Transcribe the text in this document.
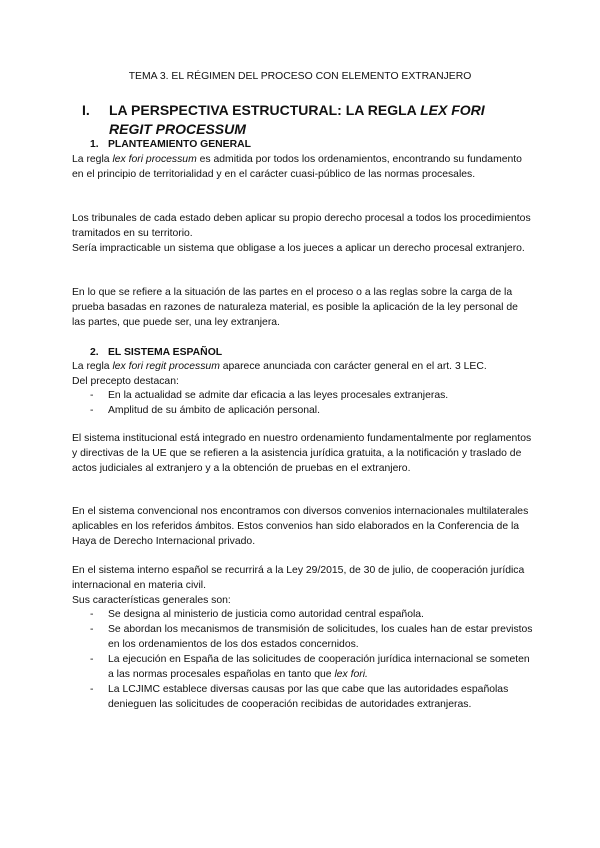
TEMA 3. EL RÉGIMEN DEL PROCESO CON ELEMENTO EXTRANJERO
I. LA PERSPECTIVA ESTRUCTURAL: LA REGLA LEX FORI REGIT PROCESSUM
1. PLANTEAMIENTO GENERAL

La regla lex fori processum es admitida por todos los ordenamientos, encontrando su fundamento en el principio de territorialidad y en el carácter cuasi-público de las normas procesales.

Los tribunales de cada estado deben aplicar su propio derecho procesal a todos los procedimientos tramitados en su territorio.

Sería impracticable un sistema que obligase a los jueces a aplicar un derecho procesal extranjero.

En lo que se refiere a la situación de las partes en el proceso o a las reglas sobre la carga de la prueba basadas en razones de naturaleza material, es posible la aplicación de la ley personal de las partes, que puede ser, una ley extranjera.

2. EL SISTEMA ESPAÑOL

La regla lex fori regit processum aparece anunciada con carácter general en el art. 3 LEC.
Del precepto destacan:

- En la actualidad se admite dar eficacia a las leyes procesales extranjeras.
- Amplitud de su ámbito de aplicación personal.

El sistema institucional está integrado en nuestro ordenamiento fundamentalmente por reglamentos y directivas de la UE que se refieren a la asistencia jurídica gratuita, a la notificación y traslado de actos judiciales al extranjero y a la obtención de pruebas en el extranjero.

En el sistema convencional nos encontramos con diversos convenios internacionales multilaterales aplicables en los referidos ámbitos. Estos convenios han sido elaborados en la Conferencia de la Haya de Derecho Internacional privado.

En el sistema interno español se recurrirá a la Ley 29/2015, de 30 de julio, de cooperación jurídica internacional en materia civil.
Sus características generales son:

- Se designa al ministerio de justicia como autoridad central española.
- Se abordan los mecanismos de transmisión de solicitudes, los cuales han de estar previstos en los ordenamientos de los dos estados concernidos.
- La ejecución en España de las solicitudes de cooperación jurídica internacional se someten a las normas procesales españolas en tanto que lex fori.
- La LCJIMC establece diversas causas por las que cabe que las autoridades españolas denieguen las solicitudes de cooperación recibidas de autoridades extranjeras.
